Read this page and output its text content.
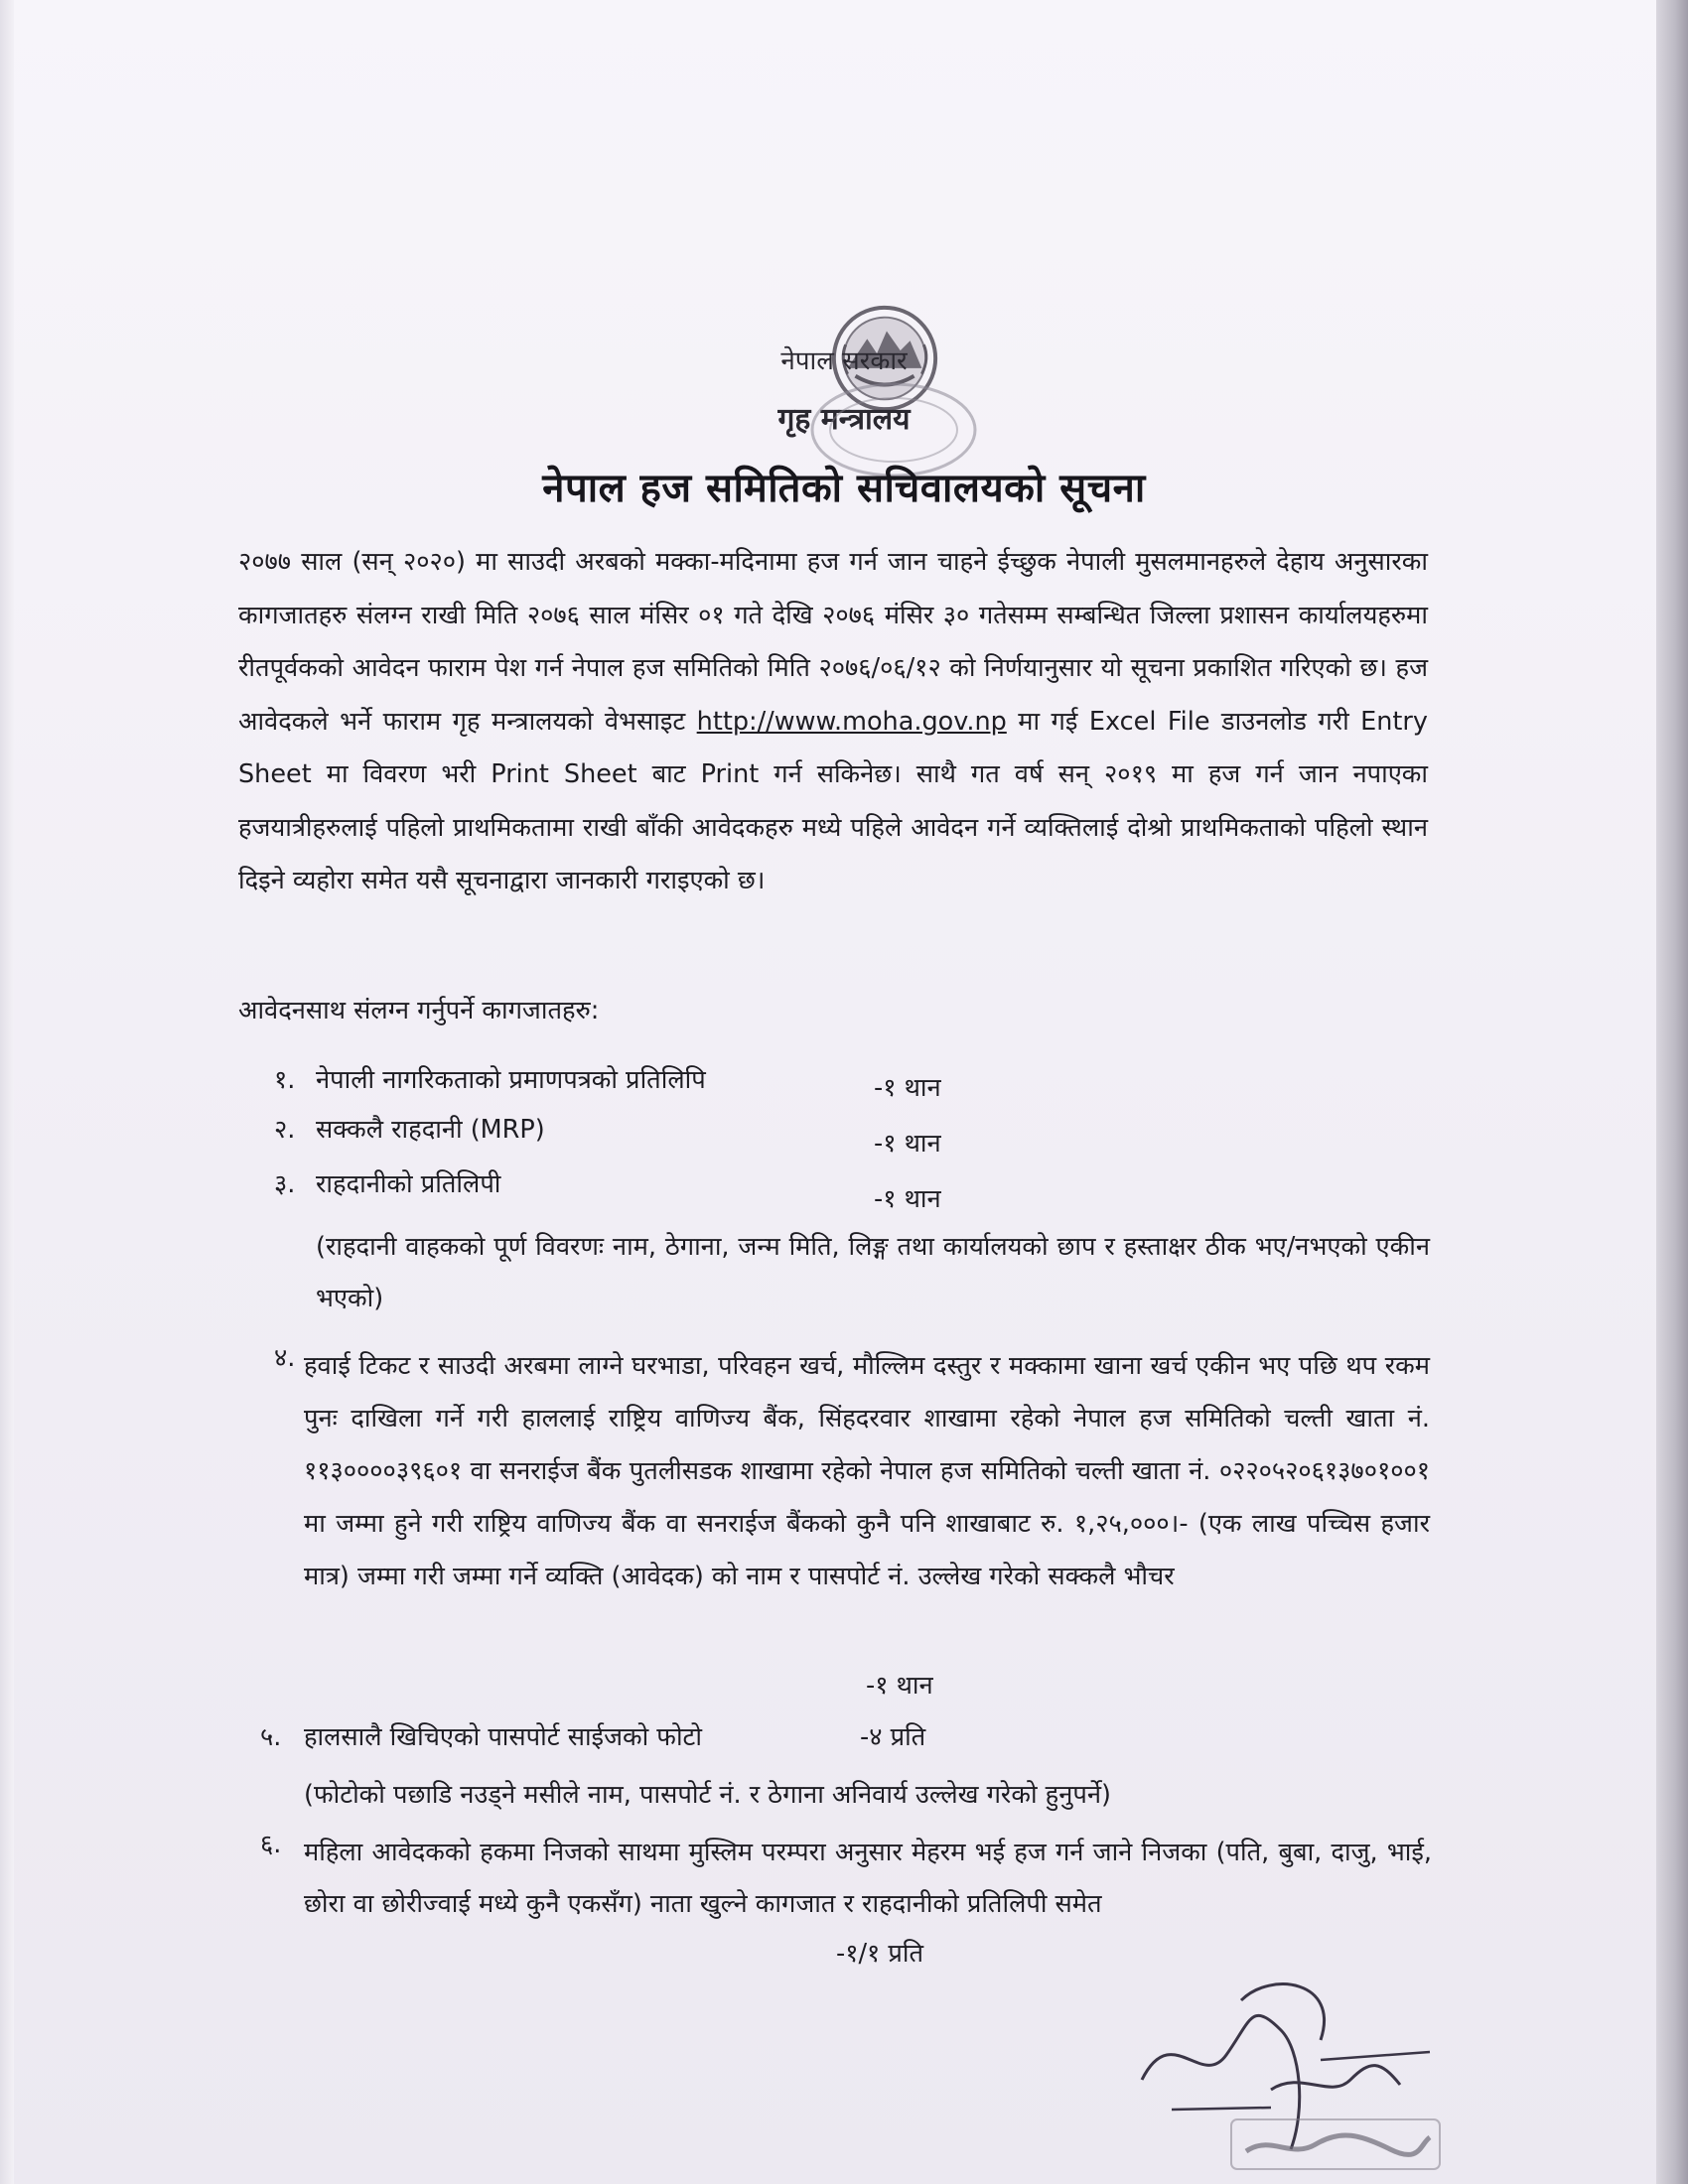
नेपाल सरकार
गृह मन्त्रालय
नेपाल हज समितिको सचिवालयको सूचना
२०७७ साल (सन् २०२०) मा साउदी अरबको मक्का-मदिनामा हज गर्न जान चाहने ईच्छुक नेपाली मुसलमानहरुले देहाय अनुसारका कागजातहरु संलग्न राखी मिति २०७६ साल मंसिर ०१ गते देखि २०७६ मंसिर ३० गतेसम्म सम्बन्धित जिल्ला प्रशासन कार्यालयहरुमा रीतपूर्वकको आवेदन फाराम पेश गर्न नेपाल हज समितिको मिति २०७६/०६/१२ को निर्णयानुसार यो सूचना प्रकाशित गरिएको छ। हज आवेदकले भर्ने फाराम गृह मन्त्रालयको वेभसाइट http://www.moha.gov.np मा गई Excel File डाउनलोड गरी Entry Sheet मा विवरण भरी Print Sheet बाट Print गर्न सकिनेछ। साथै गत वर्ष सन् २०१९ मा हज गर्न जान नपाएका हजयात्रीहरुलाई पहिलो प्राथमिकतामा राखी बाँकी आवेदकहरु मध्ये पहिले आवेदन गर्ने व्यक्तिलाई दोश्रो प्राथमिकताको पहिलो स्थान दिइने व्यहोरा समेत यसै सूचनाद्वारा जानकारी गराइएको छ।
आवेदनसाथ संलग्न गर्नुपर्ने कागजातहरु:
१. नेपाली नागरिकताको प्रमाणपत्रको प्रतिलिपि	-१ थान
२. सक्कलै राहदानी (MRP)	-१ थान
३. राहदानीको प्रतिलिपी	-१ थान
(राहदानी वाहकको पूर्ण विवरणः नाम, ठेगाना, जन्म मिति, लिङ्ग तथा कार्यालयको छाप र हस्ताक्षर ठीक भए/नभएको एकीन भएको)
४. हवाई टिकट र साउदी अरबमा लाग्ने घरभाडा, परिवहन खर्च, मौल्लिम दस्तुर र मक्कामा खाना खर्च एकीन भए पछि थप रकम पुनः दाखिला गर्ने गरी हाललाई राष्ट्रिय वाणिज्य बैंक, सिंहदरवार शाखामा रहेको नेपाल हज समितिको चल्ती खाता नं. ११३००००३९६०१ वा सनराईज बैंक पुतलीसडक शाखामा रहेको नेपाल हज समितिको चल्ती खाता नं. ०२२०५२०६१३७०१००१ मा जम्मा हुने गरी राष्ट्रिय वाणिज्य बैंक वा सनराईज बैंकको कुनै पनि शाखाबाट रु. १,२५,०००।- (एक लाख पच्चिस हजार मात्र) जम्मा गरी जम्मा गर्ने व्यक्ति (आवेदक) को नाम र पासपोर्ट नं. उल्लेख गरेको सक्कलै भौचर
-१ थान
५. हालसालै खिचिएको पासपोर्ट साईजको फोटो	-४ प्रति
(फोटोको पछाडि नउड्ने मसीले नाम, पासपोर्ट नं. र ठेगाना अनिवार्य उल्लेख गरेको हुनुपर्ने)
६. महिला आवेदकको हकमा निजको साथमा मुस्लिम परम्परा अनुसार मेहरम भई हज गर्न जाने निजका (पति, बुबा, दाजु, भाई, छोरा वा छोरीज्वाई मध्ये कुनै एकसँग) नाता खुल्ने कागजात र राहदानीको प्रतिलिपी समेत
-१/१ प्रति
